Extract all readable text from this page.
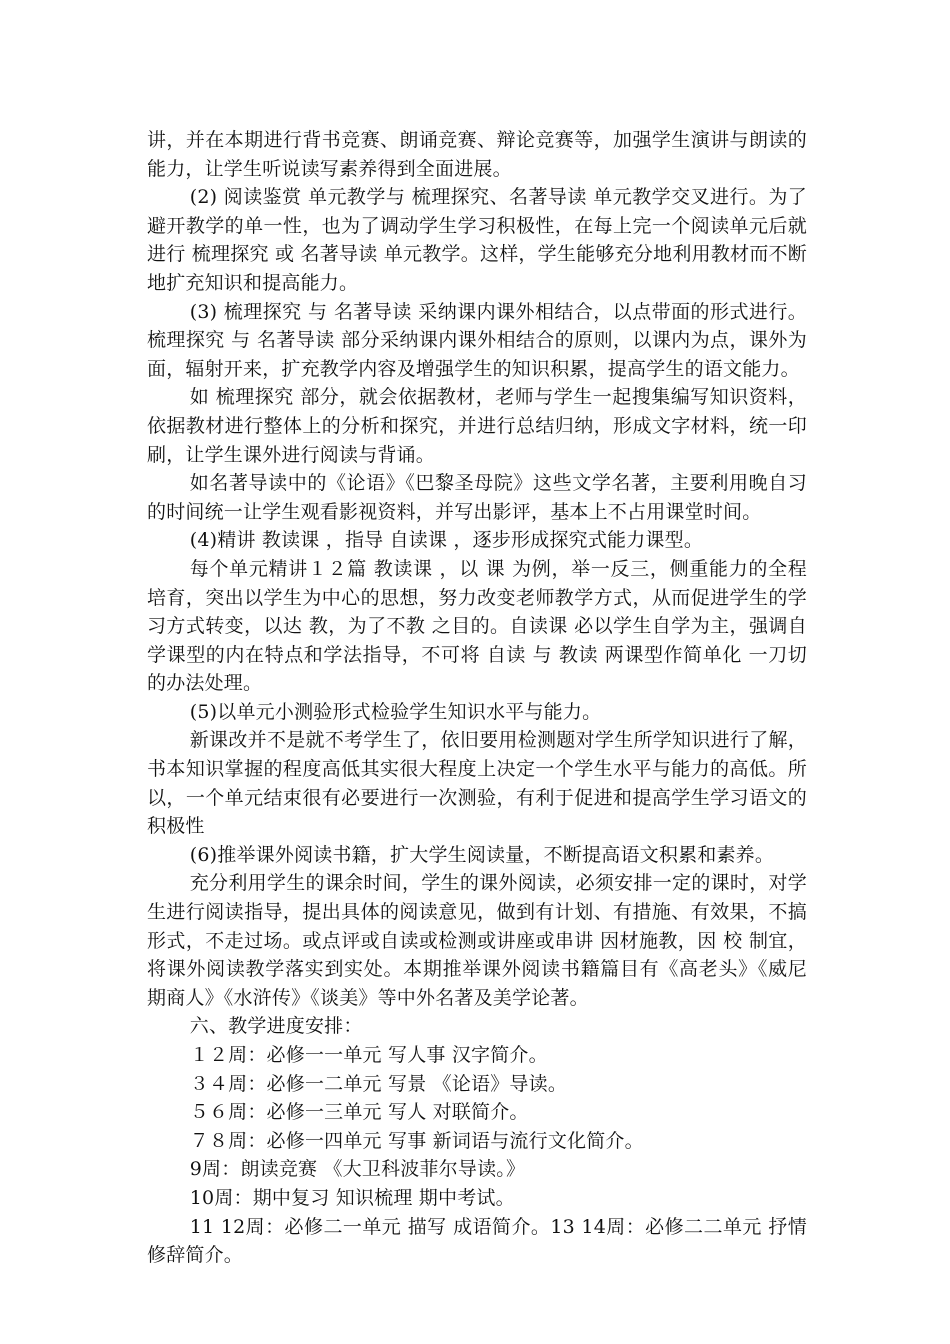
讲，并在本期进行背书竞赛、朗诵竞赛、辩论竞赛等，加强学生演讲与朗读的能力，让学生听说读写素养得到全面进展。

(2) 阅读鉴赏 单元教学与 梳理探究、名著导读 单元教学交叉进行。为了避开教学的单一性，也为了调动学生学习积极性，在每上完一个阅读单元后就进行 梳理探究 或 名著导读 单元教学。这样，学生能够充分地利用教材而不断地扩充知识和提高能力。

(3) 梳理探究 与 名著导读 采纳课内课外相结合，以点带面的形式进行。 梳理探究 与 名著导读 部分采纳课内课外相结合的原则，以课内为点，课外为面，辐射开来，扩充教学内容及增强学生的知识积累，提高学生的语文能力。

如 梳理探究 部分，就会依据教材，老师与学生一起搜集编写知识资料，依据教材进行整体上的分析和探究，并进行总结归纳，形成文字材料，统一印刷，让学生课外进行阅读与背诵。

如名著导读中的《论语》《巴黎圣母院》这些文学名著，主要利用晚自习的时间统一让学生观看影视资料，并写出影评，基本上不占用课堂时间。

(4)精讲 教读课 ，指导 自读课 ，逐步形成探究式能力课型。

每个单元精讲１２篇 教读课 ，以 课 为例，举一反三，侧重能力的全程培育，突出以学生为中心的思想，努力改变老师教学方式，从而促进学生的学习方式转变，以达 教，为了不教 之目的。自读课 必以学生自学为主，强调自学课型的内在特点和学法指导，不可将 自读 与 教读 两课型作简单化 一刀切 的办法处理。

(5)以单元小测验形式检验学生知识水平与能力。

新课改并不是就不考学生了，依旧要用检测题对学生所学知识进行了解，书本知识掌握的程度高低其实很大程度上决定一个学生水平与能力的高低。所以，一个单元结束很有必要进行一次测验，有利于促进和提高学生学习语文的积极性

(6)推举课外阅读书籍，扩大学生阅读量，不断提高语文积累和素养。

充分利用学生的课余时间，学生的课外阅读，必须安排一定的课时，对学生进行阅读指导，提出具体的阅读意见，做到有计划、有措施、有效果，不搞形式，不走过场。或点评或自读或检测或讲座或串讲 因材施教，因 校 制宜，将课外阅读教学落实到实处。本期推举课外阅读书籍篇目有《高老头》《威尼期商人》《水浒传》《谈美》等中外名著及美学论著。

六、教学进度安排：

１２周：必修一一单元 写人事 汉字简介。

３４周：必修一二单元 写景 《论语》导读。

５６周：必修一三单元 写人 对联简介。

７８周：必修一四单元 写事 新词语与流行文化简介。

9周：朗读竞赛 《大卫科波菲尔导读。》

10周：期中复习 知识梳理 期中考试。

11 12周：必修二一单元 描写 成语简介。13 14周：必修二二单元 抒情 修辞简介。
